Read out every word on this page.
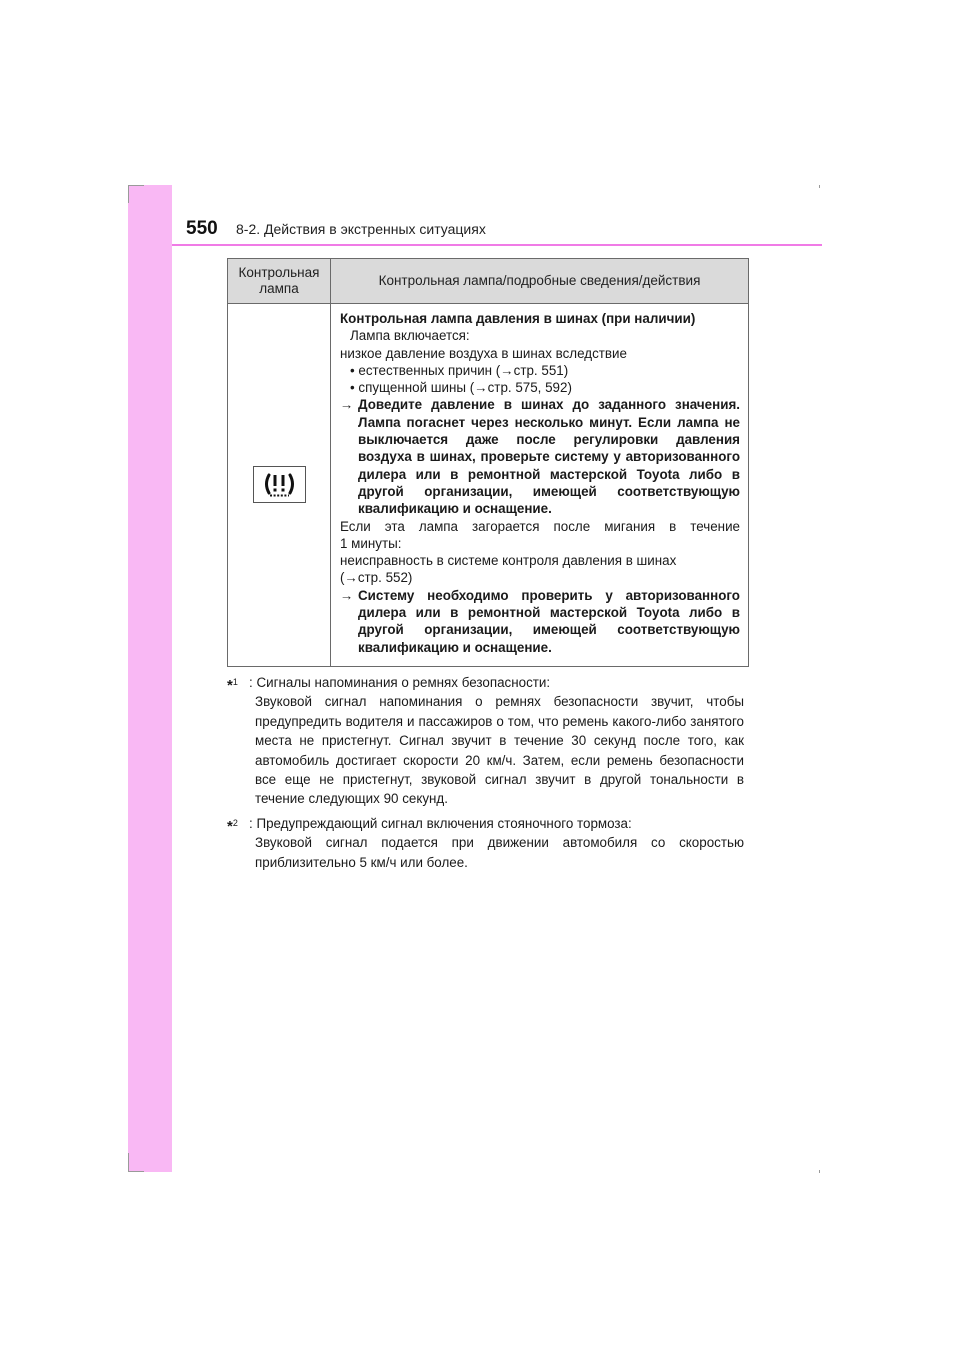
550 8-2. Действия в экстренных ситуациях
Контрольная лампа
Контрольная лампа/подробные сведения/действия
Контрольная лампа давления в шинах (при наличии)
Лампа включается:
низкое давление воздуха в шинах вследствие
• естественных причин (→стр. 551)
• спущенной шины (→стр. 575, 592)
→ Доведите давление в шинах до заданного значения. Лампа погаснет через несколько минут. Если лампа не выключается даже после регулировки давления воздуха в шинах, проверьте систему у авторизованного дилера или в ремонтной мастерской Toyota либо в другой организации, имеющей соответствующую квалификацию и оснащение.
Если эта лампа загорается после мигания в течение
1 минуты:
неисправность в системе контроля давления в шинах
(→стр. 552)
→ Систему необходимо проверить у авторизованного дилера или в ремонтной мастерской Toyota либо в другой организации, имеющей соответствующую квалификацию и оснащение.
*$^1$ : Сигналы напоминания о ремнях безопасности:
Звуковой сигнал напоминания о ремнях безопасности звучит, чтобы предупредить водителя и пассажиров о том, что ремень какого-либо занятого места не пристегнут. Сигнал звучит в течение 30 секунд после того, как автомобиль достигает скорости 20 км/ч. Затем, если ремень безопасности все еще не пристегнут, звуковой сигнал звучит в другой тональности в течение следующих 90 секунд.
*$^2$ : Предупреждающий сигнал включения стояночного тормоза:
Звуковой сигнал подается при движении автомобиля со скоростью приблизительно 5 км/ч или более.
